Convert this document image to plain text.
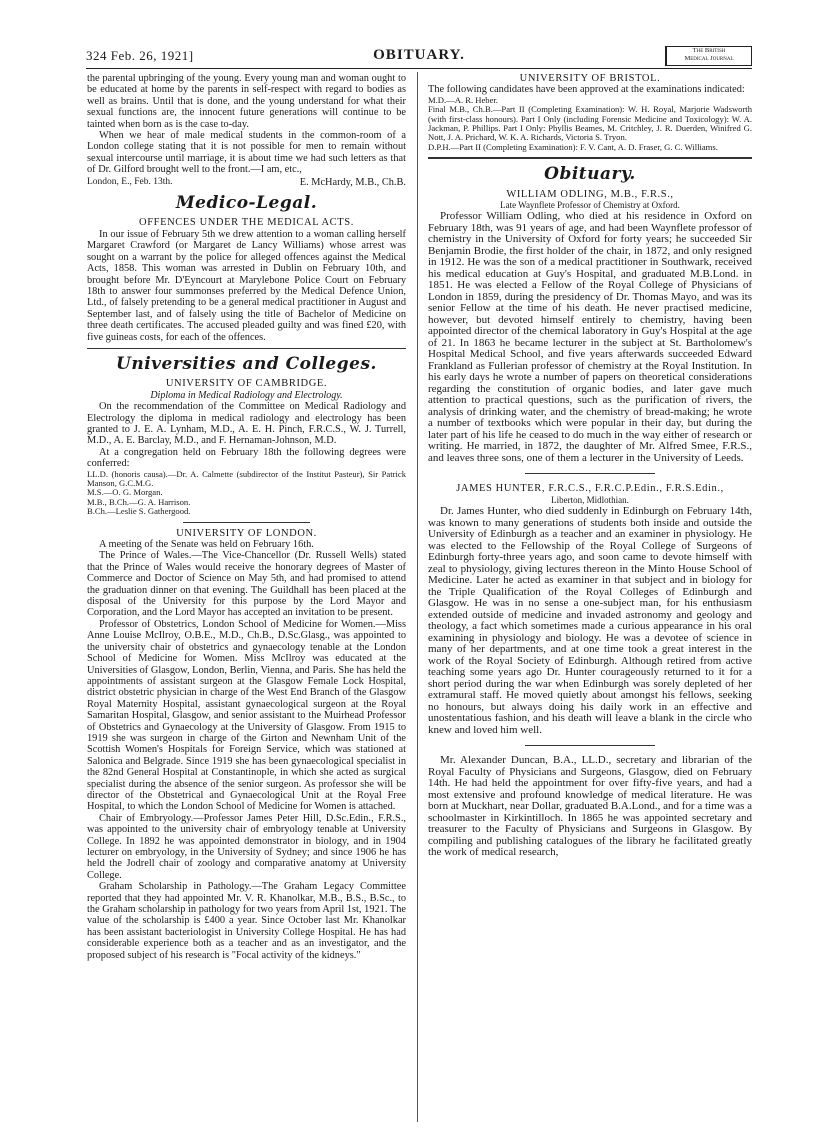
324 Feb. 26, 1921]	OBITUARY.	The British
Medical Journal

the parental upbringing of the young. Every young man and woman ought to be educated at home by the parents in self-respect with regard to bodies as well as brains. Until that is done, and the young understand for what their sexual functions are, the innocent future generations will continue to be tainted when born as is the case to-day.

When we hear of male medical students in the common-room of a London college stating that it is not possible for men to remain without sexual intercourse until marriage, it is about time we had such letters as that of Dr. Gilford brought well to the front.—I am, etc.,

London, E., Feb. 13th.	E. McHardy, M.B., Ch.B.
Medico-Legal.
OFFENCES UNDER THE MEDICAL ACTS.

In our issue of February 5th we drew attention to a woman calling herself Margaret Crawford (or Margaret de Lancy Williams) whose arrest was sought on a warrant by the police for alleged offences against the Medical Acts, 1858. This woman was arrested in Dublin on February 10th, and brought before Mr. D'Eyncourt at Marylebone Police Court on February 18th to answer four summonses preferred by the Medical Defence Union, Ltd., of falsely pretending to be a general medical practitioner in August and September last, and of falsely using the title of Bachelor of Medicine on three death certificates. The accused pleaded guilty and was fined £20, with five guineas costs, for each of the offences.

Universities and Colleges.
UNIVERSITY OF CAMBRIDGE.
Diploma in Medical Radiology and Electrology.

On the recommendation of the Committee on Medical Radiology and Electrology the diploma in medical radiology and electrology has been granted to J. E. A. Lynham, M.D., A. E. H. Pinch, F.R.C.S., W. J. Turrell, M.D., A. E. Barclay, M.D., and F. Hernaman-Johnson, M.D.

At a congregation held on February 18th the following degrees were conferred:

LL.D. (honoris causa).—Dr. A. Calmette (subdirector of the Institut Pasteur), Sir Patrick Manson, G.C.M.G.

M.S.—O. G. Morgan.

M.B., B.Ch.—G. A. Harrison.

B.Ch.—Leslie S. Gathergood.

UNIVERSITY OF LONDON.

A meeting of the Senate was held on February 16th.

The Prince of Wales.—The Vice-Chancellor (Dr. Russell Wells) stated that the Prince of Wales would receive the honorary degrees of Master of Commerce and Doctor of Science on May 5th, and had promised to attend the graduation dinner on that evening. The Guildhall has been placed at the disposal of the University for this purpose by the Lord Mayor and Corporation, and the Lord Mayor has accepted an invitation to be present.

Professor of Obstetrics, London School of Medicine for Women.—Miss Anne Louise McIlroy, O.B.E., M.D., Ch.B., D.Sc.Glasg., was appointed to the university chair of obstetrics and gynaecology tenable at the London School of Medicine for Women. Miss McIlroy was educated at the Universities of Glasgow, London, Berlin, Vienna, and Paris. She has held the appointments of assistant surgeon at the Glasgow Female Lock Hospital, district obstetric physician in charge of the West End Branch of the Glasgow Royal Maternity Hospital, assistant gynaecological surgeon at the Royal Samaritan Hospital, Glasgow, and senior assistant to the Muirhead Professor of Obstetrics and Gynaecology at the University of Glasgow. From 1915 to 1919 she was surgeon in charge of the Girton and Newnham Unit of the Scottish Women's Hospitals for Foreign Service, which was stationed at Salonica and Belgrade. Since 1919 she has been gynaecological specialist in the 82nd General Hospital at Constantinople, in which she acted as surgical specialist during the absence of the senior surgeon. As professor she will be director of the Obstetrical and Gynaecological Unit at the Royal Free Hospital, to which the London School of Medicine for Women is attached.

Chair of Embryology.—Professor James Peter Hill, D.Sc.Edin., F.R.S., was appointed to the university chair of embryology tenable at University College. In 1892 he was appointed demonstrator in biology, and in 1904 lecturer on embryology, in the University of Sydney; and since 1906 he has held the Jodrell chair of zoology and comparative anatomy at University College.

Graham Scholarship in Pathology.—The Graham Legacy Committee reported that they had appointed Mr. V. R. Khanolkar, M.B., B.S., B.Sc., to the Graham scholarship in pathology for two years from April 1st, 1921. The value of the scholarship is £400 a year. Since October last Mr. Khanolkar has been assistant bacteriologist in University College Hospital. He has had considerable experience both as a teacher and as an investigator, and the proposed subject of his research is "Focal activity of the kidneys."

UNIVERSITY OF BRISTOL.

The following candidates have been approved at the examinations indicated:

M.D.—A. R. Heber.

Final M.B., Ch.B.—Part II (Completing Examination): W. H. Royal, Marjorie Wadsworth (with first-class honours). Part I Only (including Forensic Medicine and Toxicology): W. A. Jackman, P. Phillips. Part I Only: Phyllis Beames, M. Critchley, J. R. Duerden, Winifred G. Nott, J. A. Prichard, W. K. A. Richards, Victoria S. Tryon.

D.P.H.—Part II (Completing Examination): F. V. Cant, A. D. Fraser, G. C. Williams.

Obituary.
WILLIAM ODLING, M.B., F.R.S.,
Late Waynflete Professor of Chemistry at Oxford.

Professor William Odling, who died at his residence in Oxford on February 18th, was 91 years of age, and had been Waynflete professor of chemistry in the University of Oxford for forty years; he succeeded Sir Benjamin Brodie, the first holder of the chair, in 1872, and only resigned in 1912. He was the son of a medical practitioner in Southwark, received his medical education at Guy's Hospital, and graduated M.B.Lond. in 1851. He was elected a Fellow of the Royal College of Physicians of London in 1859, during the presidency of Dr. Thomas Mayo, and was its senior Fellow at the time of his death. He never practised medicine, however, but devoted himself entirely to chemistry, having been appointed director of the chemical laboratory in Guy's Hospital at the age of 21. In 1863 he became lecturer in the subject at St. Bartholomew's Hospital Medical School, and five years afterwards succeeded Edward Frankland as Fullerian professor of chemistry at the Royal Institution. In his early days he wrote a number of papers on theoretical considerations regarding the constitution of organic bodies, and later gave much attention to practical questions, such as the purification of rivers, the analysis of drinking water, and the chemistry of bread-making; he wrote a number of textbooks which were popular in their day, but during the later part of his life he ceased to do much in the way either of research or writing. He married, in 1872, the daughter of Mr. Alfred Smee, F.R.S., and leaves three sons, one of them a lecturer in the University of Leeds.

JAMES HUNTER, F.R.C.S., F.R.C.P.Edin., F.R.S.Edin.,
Liberton, Midlothian.

Dr. James Hunter, who died suddenly in Edinburgh on February 14th, was known to many generations of students both inside and outside the University of Edinburgh as a teacher and an examiner in physiology. He was elected to the Fellowship of the Royal College of Surgeons of Edinburgh forty-three years ago, and soon came to devote himself with zeal to physiology, giving lectures thereon in the Minto House School of Medicine. Later he acted as examiner in that subject and in biology for the Triple Qualification of the Royal Colleges of Edinburgh and Glasgow. He was in no sense a one-subject man, for his enthusiasm extended outside of medicine and invaded astronomy and geology and theology, a fact which sometimes made a curious appearance in his oral examining in physiology and biology. He was a devotee of science in many of her departments, and at one time took a great interest in the work of the Royal Society of Edinburgh. Although retired from active teaching some years ago Dr. Hunter courageously returned to it for a short period during the war when Edinburgh was sorely depleted of her extramural staff. He moved quietly about amongst his fellows, seeking no honours, but always doing his daily work in an effective and unostentatious fashion, and his death will leave a blank in the circle who knew and loved him well.

Mr. Alexander Duncan, B.A., LL.D., secretary and librarian of the Royal Faculty of Physicians and Surgeons, Glasgow, died on February 14th. He had held the appointment for over fifty-five years, and had a most extensive and profound knowledge of medical literature. He was born at Muckhart, near Dollar, graduated B.A.Lond., and for a time was a schoolmaster in Kirkintilloch. In 1865 he was appointed secretary and treasurer to the Faculty of Physicians and Surgeons in Glasgow. By compiling and publishing catalogues of the library he facilitated greatly the work of medical research,
